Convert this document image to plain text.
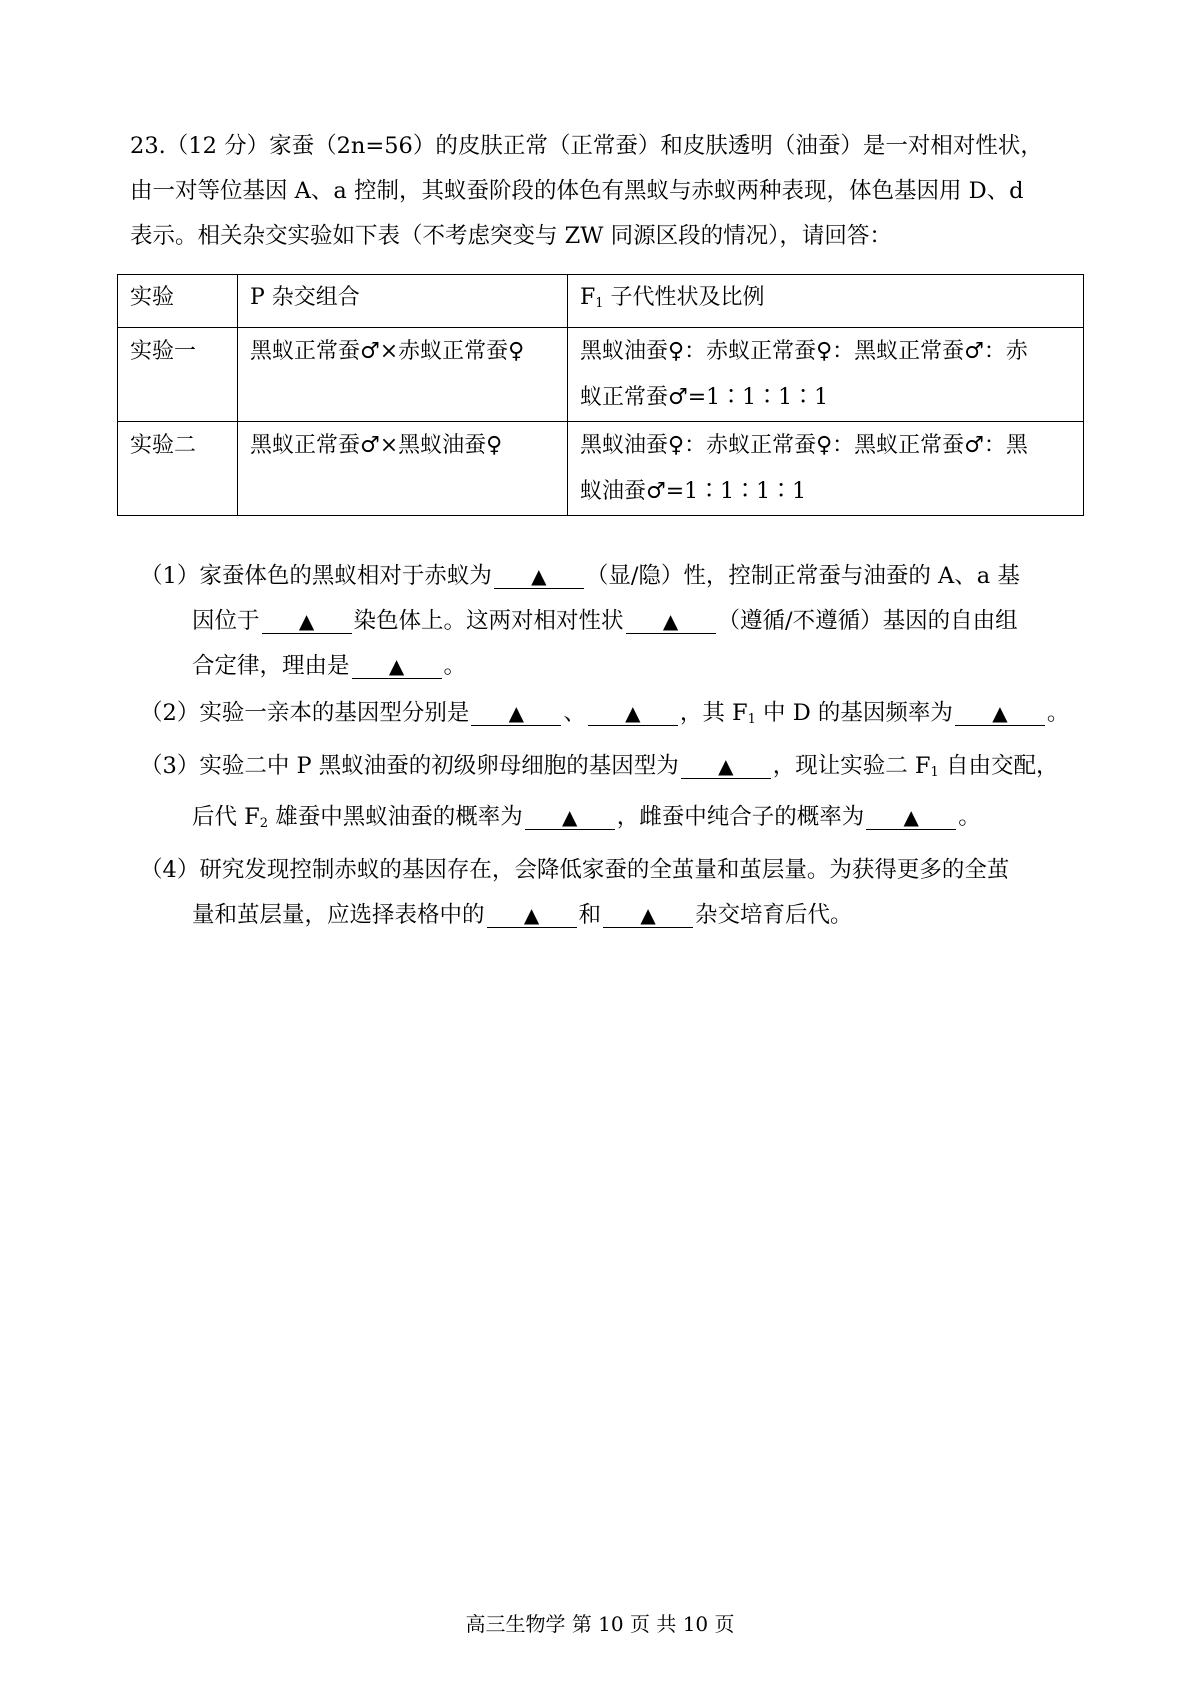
23.（12 分）家蚕（2n=56）的皮肤正常（正常蚕）和皮肤透明（油蚕）是一对相对性状，

由一对等位基因 A、a 控制，其蚁蚕阶段的体色有黑蚁与赤蚁两种表现，体色基因用 D、d

表示。相关杂交实验如下表（不考虑突变与 ZW 同源区段的情况），请回答：

实验	P 杂交组合	$F_1$ 子代性状及比例
实验一	黑蚁正常蚕♂×赤蚁正常蚕♀	黑蚁油蚕♀：赤蚁正常蚕♀：黑蚁正常蚕♂：赤
蚁正常蚕♂=1∶1∶1∶1

实验二	黑蚁正常蚕♂×黑蚁油蚕♀	黑蚁油蚕♀：赤蚁正常蚕♀：黑蚁正常蚕♂：黑
蚁油蚕♂=1∶1∶1∶1
（1）家蚕体色的黑蚁相对于赤蚁为 ▲ （显/隐）性，控制正常蚕与油蚕的 A、a 基
因位于 ▲ 染色体上。这两对相对性状 ▲ （遵循/不遵循）基因的自由组
合定律，理由是 ▲ 。
（2）实验一亲本的基因型分别是 ▲ 、 ▲ ，其 $F_1$ 中 D 的基因频率为 ▲ 。
（3）实验二中 P 黑蚁油蚕的初级卵母细胞的基因型为 ▲ ，现让实验二 $F_1$ 自由交配，
后代 $F_2$ 雄蚕中黑蚁油蚕的概率为 ▲ ，雌蚕中纯合子的概率为 ▲ 。
（4）研究发现控制赤蚁的基因存在，会降低家蚕的全茧量和茧层量。为获得更多的全茧
量和茧层量，应选择表格中的 ▲ 和 ▲ 杂交培育后代。
高三生物学 第 10 页 共 10 页
